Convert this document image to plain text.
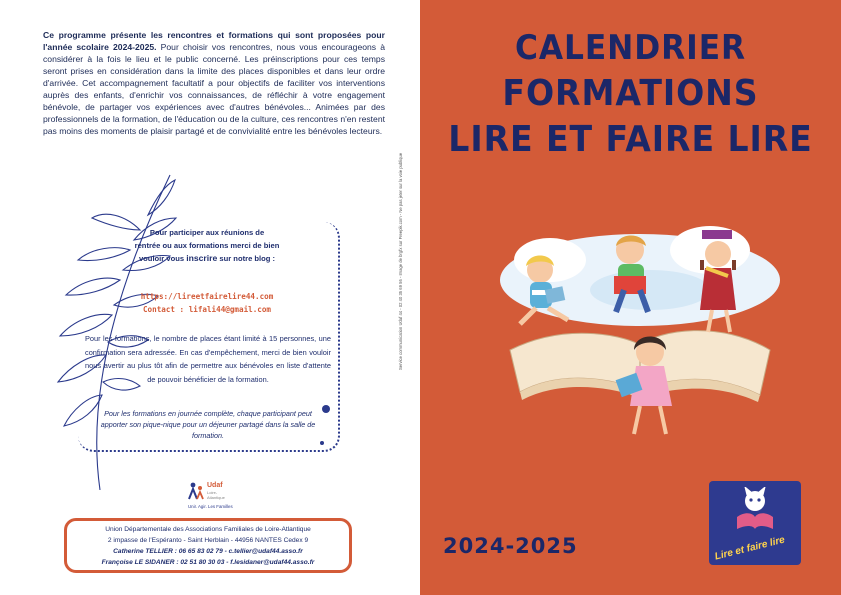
Ce programme présente les rencontres et formations qui sont proposées pour l'année scolaire 2024-2025. Pour choisir vos rencontres, nous vous encourageons à considérer à la fois le lieu et le public concerné. Les préinscriptions pour ces temps seront prises en considération dans la limite des places disponibles et dans leur ordre d'arrivée. Cet accompagnement facultatif a pour objectifs de faciliter vos interventions auprès des enfants, d'enrichir vos connaissances, de réfléchir à votre engagement bénévole, de partager vos expériences avec d'autres bénévoles... Animées par des professionnels de la formation, de l'éducation ou de la culture, ces rencontres n'en restent pas moins des moments de plaisir partagé et de convivialité entre les bénévoles lecteurs.
Pour participer aux réunions de
rentrée ou aux formations merci de bien
vouloir vous inscrire sur notre blog :
https://lireetfairelire44.com
Contact : lifali44@gmail.com
Pour les formations, le nombre de places étant limité à 15 personnes, une confirmation sera adressée. En cas d'empêchement, merci de bien vouloir nous avertir au plus tôt afin de permettre aux bénévoles en liste d'attente de pouvoir bénéficier de la formation.
Pour les formations en journée complète, chaque participant peut apporter son pique-nique pour un déjeuner partagé dans la salle de formation.
Udaf
Loire-
Atlantique
Unir. Agir. Les Familles
Union Départementale des Associations Familiales de Loire-Atlantique
2 impasse de l'Espéranto - Saint Herblain - 44956 NANTES Cedex 9
Catherine TELLIER : 06 65 83 02 79 - c.tellier@udaf44.asso.fr
Françoise LE SIDANER : 02 51 80 30 03 - f.lesidaner@udaf44.asso.fr
Service communication Udaf 44 - 02 40 35 69 56 - Image de brgfx sur Freepik.com - Ne pas jeter sur la voie publique
CALENDRIER
FORMATIONS
LIRE ET FAIRE LIRE
2024-2025	Lire et faire lire
